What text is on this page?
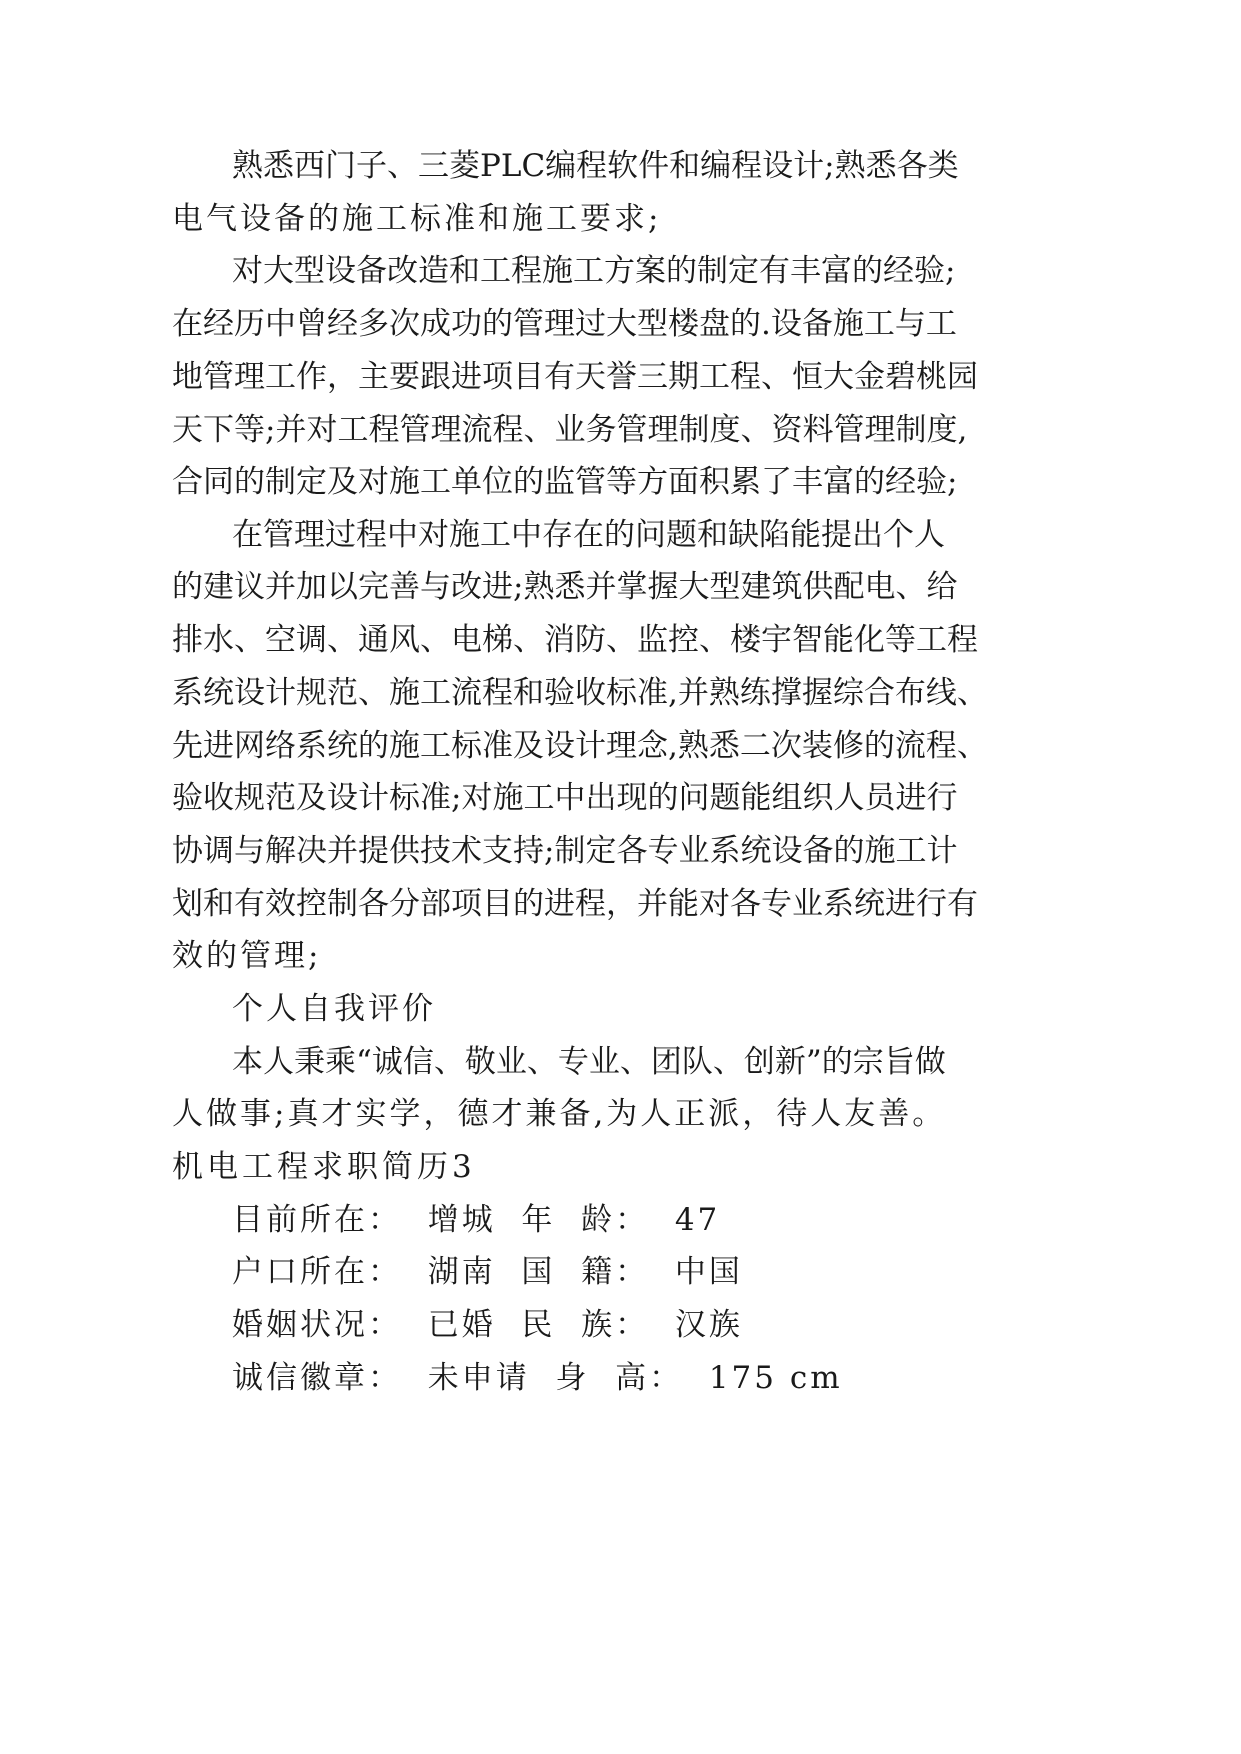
熟悉西门子、三菱PLC编程软件和编程设计;熟悉各类

电气设备的施工标准和施工要求;

对大型设备改造和工程施工方案的制定有丰富的经验;

在经历中曾经多次成功的管理过大型楼盘的.设备施工与工

地管理工作，主要跟进项目有天誉三期工程、恒大金碧桃园

天下等;并对工程管理流程、业务管理制度、资料管理制度,

合同的制定及对施工单位的监管等方面积累了丰富的经验;

在管理过程中对施工中存在的问题和缺陷能提出个人

的建议并加以完善与改进;熟悉并掌握大型建筑供配电、给

排水、空调、通风、电梯、消防、监控、楼宇智能化等工程

系统设计规范、施工流程和验收标准,并熟练撑握综合布线、

先进网络系统的施工标准及设计理念,熟悉二次装修的流程、

验收规范及设计标准;对施工中出现的问题能组织人员进行

协调与解决并提供技术支持;制定各专业系统设备的施工计

划和有效控制各分部项目的进程，并能对各专业系统进行有

效的管理;

个人自我评价

本人秉乘“诚信、敬业、专业、团队、创新”的宗旨做

人做事;真才实学，德才兼备,为人正派，待人友善。

机电工程求职简历3

目前所在：  增城  年  龄：  47

户口所在：  湖南  国  籍：  中国

婚姻状况：  已婚  民  族：  汉族

诚信徽章：  未申请  身  高：  175 cm
